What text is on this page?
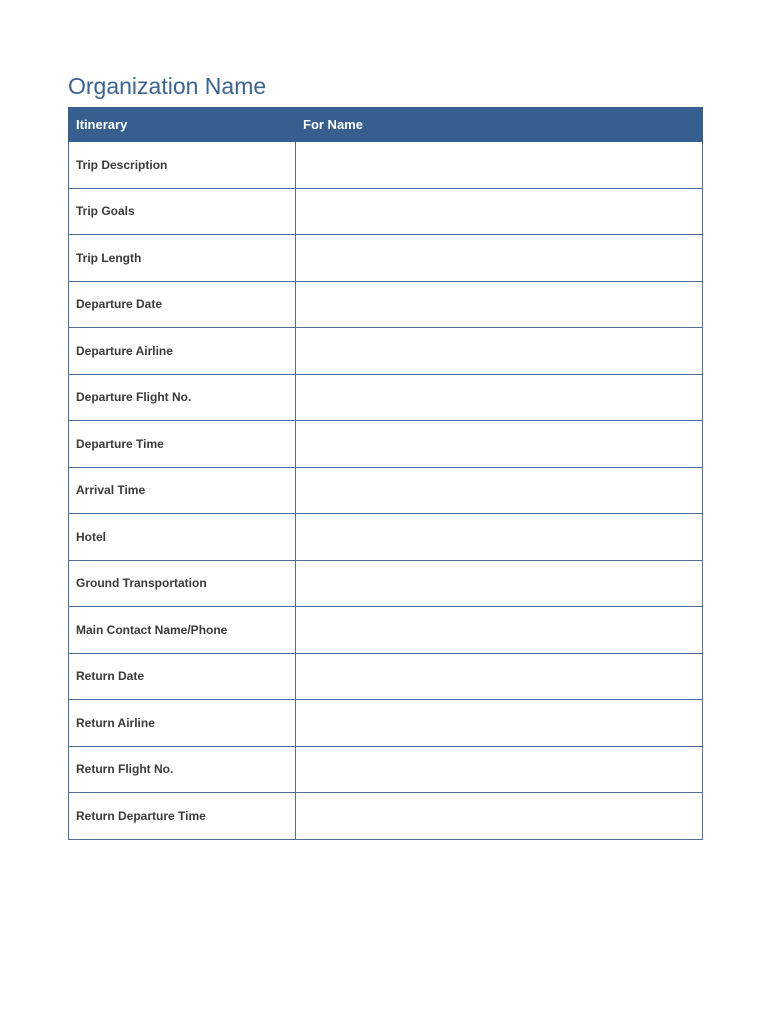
Organization Name
Itinerary	For Name
Trip Description	
Trip Goals	
Trip Length	
Departure Date	
Departure Airline	
Departure Flight No.	
Departure Time	
Arrival Time	
Hotel	
Ground Transportation	
Main Contact Name/Phone	
Return Date	
Return Airline	
Return Flight No.	
Return Departure Time	
